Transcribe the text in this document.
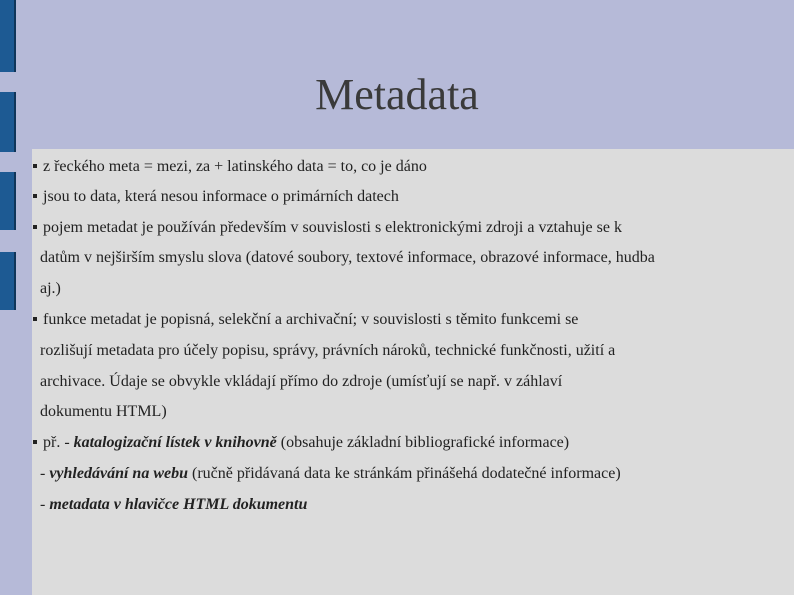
Metadata
z řeckého meta = mezi, za + latinského data = to, co je dáno
jsou to data, která nesou informace o primárních datech
pojem metadat je používán především v souvislosti s elektronickými zdroji a vztahuje se k
datům v nejširším smyslu slova (datové soubory, textové informace, obrazové informace, hudba
aj.)
funkce metadat je popisná, selekční a archivační; v souvislosti s těmito funkcemi se
rozlišují metadata pro účely popisu, správy, právních nároků, technické funkčnosti, užití a
archivace. Údaje se obvykle vkládají přímo do zdroje (umísťují se např. v záhlaví
dokumentu HTML)
př. - katalogizační lístek v knihovně (obsahuje základní bibliografické informace)
- vyhledávání na webu (ručně přidávaná data ke stránkám přinášehá dodatečné informace)
- metadata v hlavičce HTML dokumentu
